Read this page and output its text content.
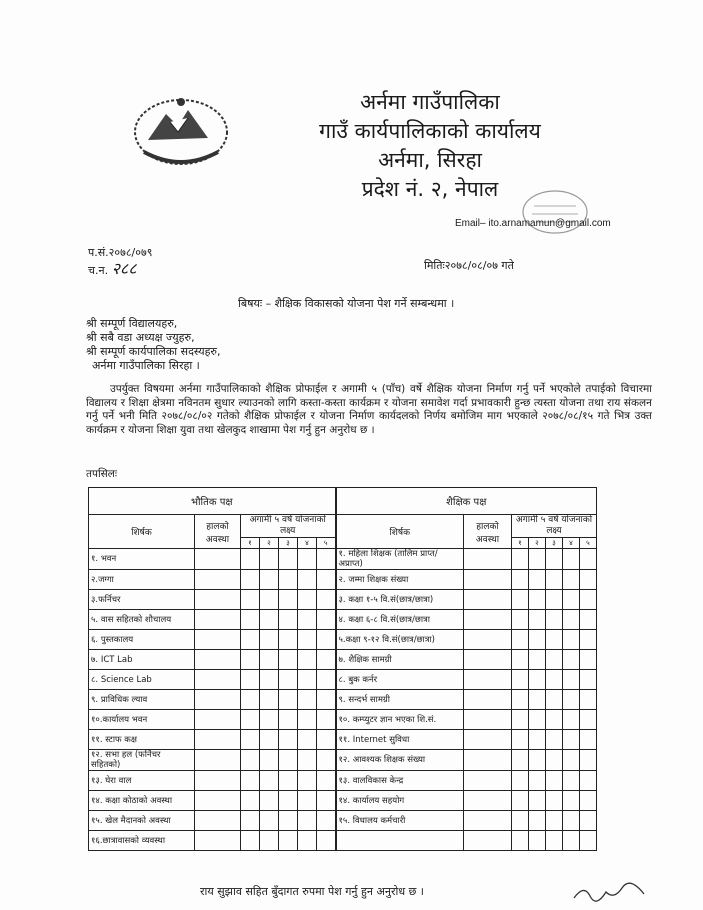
अर्नमा गाउँपालिका
गाउँ कार्यपालिकाको कार्यालय
अर्नमा, सिरहा
प्रदेश नं. २, नेपाल
Email– ito.arnamamun@gmail.com
प.सं.२०७८/०७९
च.न. २८८	मितिः२०७८/०८/०७ गते
बिषयः – शैक्षिक विकासको योजना पेश गर्ने सम्बन्धमा ।
श्री सम्पूर्ण विद्यालयहरु,
श्री सबै वडा अध्यक्ष ज्युहरु,
श्री सम्पूर्ण कार्यपालिका सदस्यहरु,
अर्नमा गाउँपालिका सिरहा ।
उपर्युक्त विषयमा अर्नमा गाउँपालिकाको शैक्षिक प्रोफाईल र अगामी ५ (पाँच) वर्षे शैक्षिक योजना निर्माण गर्नु पर्ने भएकोले तपाईको विचारमा विद्यालय र शिक्षा क्षेत्रमा नविनतम सुधार ल्याउनको लागि कस्ता-कस्ता कार्यक्रम र योजना समावेश गर्दा प्रभावकारी हुन्छ त्यस्ता योजना तथा राय संकलन गर्नु पर्ने भनी मिति २०७८/०८/०२ गतेको शैक्षिक प्रोफाईल र योजना निर्माण कार्यदलको निर्णय बमोजिम माग भएकाले २०७८/०८/१५ गते भित्र उक्त कार्यक्रम र योजना शिक्षा युवा तथा खेलकुद शाखामा पेश गर्नु हुन अनुरोध छ ।
तपसिलः
भौतिक पक्ष							शैक्षिक पक्ष						
शिर्षक	हालको अवस्था	अगामी ५ वर्षे योजनाको लक्ष्य					शिर्षक	हालको अवस्था	अगामी ५ वर्षे योजनाको लक्ष्य				
		१	२	३	४	५			१	२	३	४	५
१. भवन							१. महिला शिक्षक (तालिम प्राप्त/अप्राप्त)						
२.जग्गा							२. जम्मा शिक्षक संख्या						
३.फर्निचर							३. कक्षा १-५ वि.सं(छात्र/छात्रा)						
५. वास सहितको शौचालय							४. कक्षा ६-८ वि.सं(छात्र/छात्रा						
६. पुस्तकालय							५.कक्षा ९-१२ वि.सं(छात्र/छात्रा)						
७. ICT Lab							७. शैक्षिक सामग्री						
८. Science Lab							८. बुक कर्नर						
९. प्राविधिक ल्याव							९. सन्दर्भ सामग्री						
१०.कार्यालय भवन							१०. कम्प्युटर ज्ञान भएका शि.सं.						
११. स्टाफ कक्ष							११. Internet सुविधा						
१२. सभा हल (फर्निचर सहितको)							१२. आवश्यक शिक्षक संख्या						
१३. घेरा वाल							१३. वालविकास केन्द्र						
१४. कक्षा कोठाको अवस्था							१४. कार्यालय सहयोग						
१५. खेल मैदानको अवस्था							१५. विधालय कर्मचारी						
१६.छात्रावासको व्यवस्था													
राय सुझाव सहित बुँदागत रुपमा पेश गर्नु हुन अनुरोध छ ।
